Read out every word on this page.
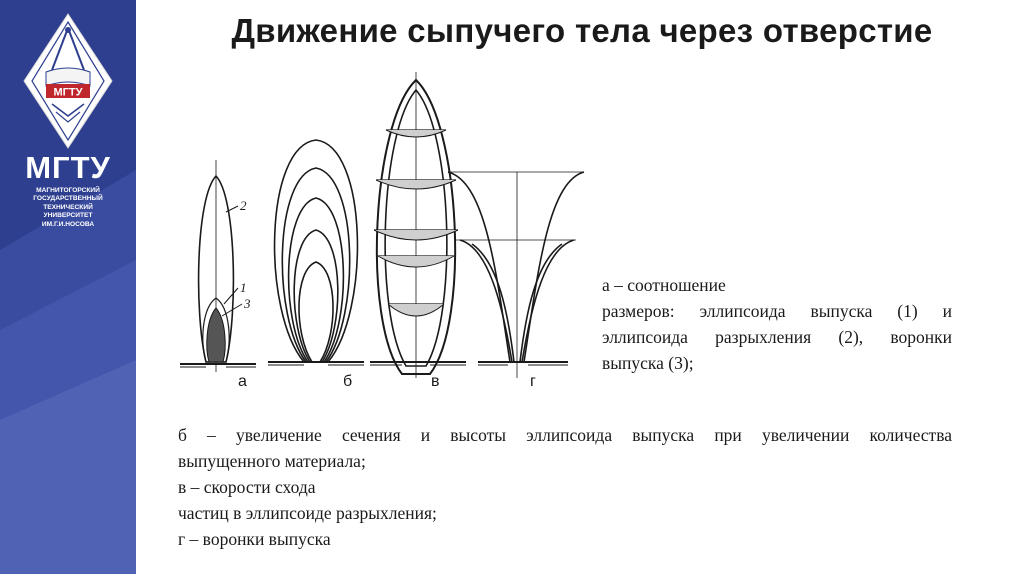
МГТУ
МГТУ
МАГНИТОГОРСКИЙ
ГОСУДАРСТВЕННЫЙ
ТЕХНИЧЕСКИЙ
УНИВЕРСИТЕТ
ИМ.Г.И.НОСОВА
Движение сыпучего тела через отверстие
2
1
3
а	б	в	г
а – соотношение
размеров: эллипсоида выпуска (1) и
эллипсоида разрыхления (2), воронки
выпуска (3);
б – увеличение сечения и высоты эллипсоида выпуска при увеличении количества
выпущенного материала;
в – скорости схода
частиц в эллипсоиде разрыхления;
г – воронки выпуска
